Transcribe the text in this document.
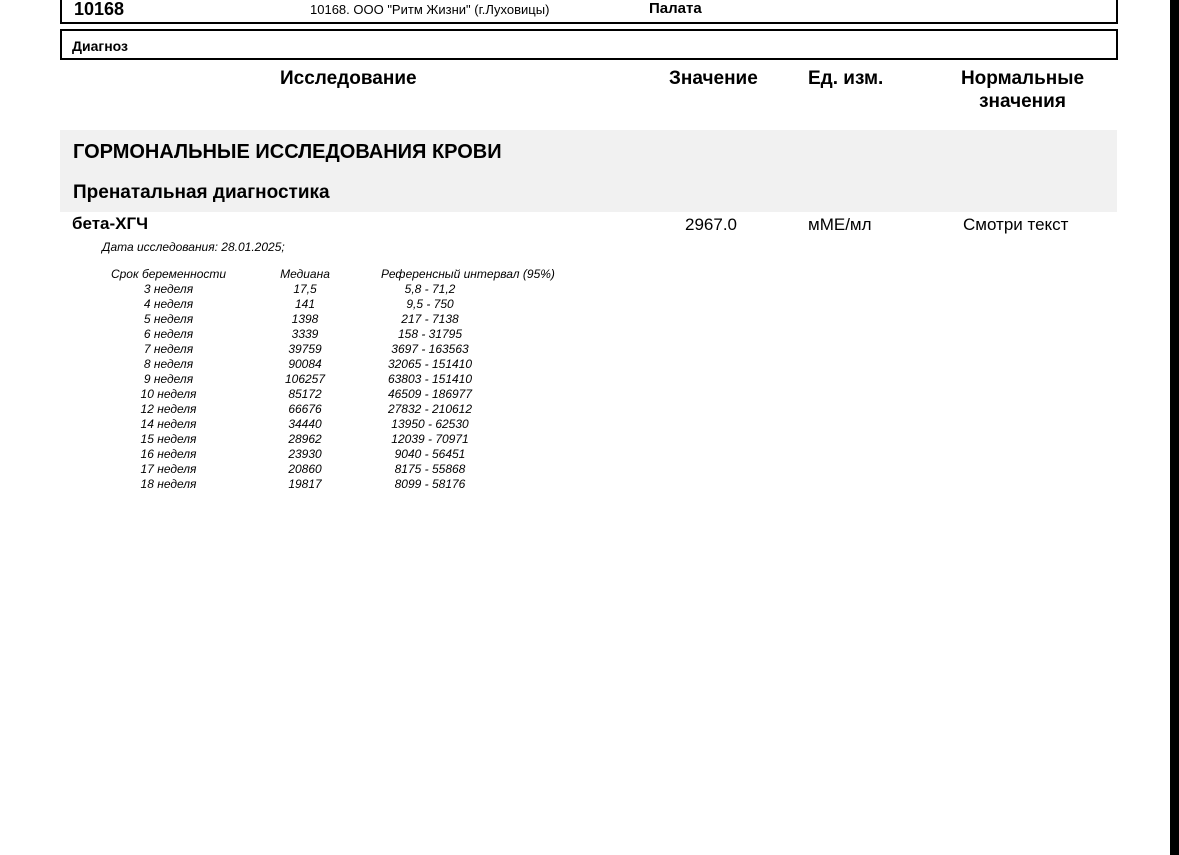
10168	10168. ООО "Ритм Жизни" (г.Луховицы)	Палата
Диагноз
Исследование	Значение	Ед. изм.	Нормальные значения
ГОРМОНАЛЬНЫЕ ИССЛЕДОВАНИЯ КРОВИ
Пренатальная диагностика
бета-ХГЧ	2967.0	мМЕ/мл	Смотри текст
Дата исследования: 28.01.2025;
Срок беременности	Медиана	Референсный интервал (95%)
3 неделя	17,5	5,8 - 71,2
4 неделя	141	9,5 - 750
5 неделя	1398	217 - 7138
6 неделя	3339	158 - 31795
7 неделя	39759	3697 - 163563
8 неделя	90084	32065 - 151410
9 неделя	106257	63803 - 151410
10 неделя	85172	46509 - 186977
12 неделя	66676	27832 - 210612
14 неделя	34440	13950 - 62530
15 неделя	28962	12039 - 70971
16 неделя	23930	9040 - 56451
17 неделя	20860	8175 - 55868
18 неделя	19817	8099 - 58176
